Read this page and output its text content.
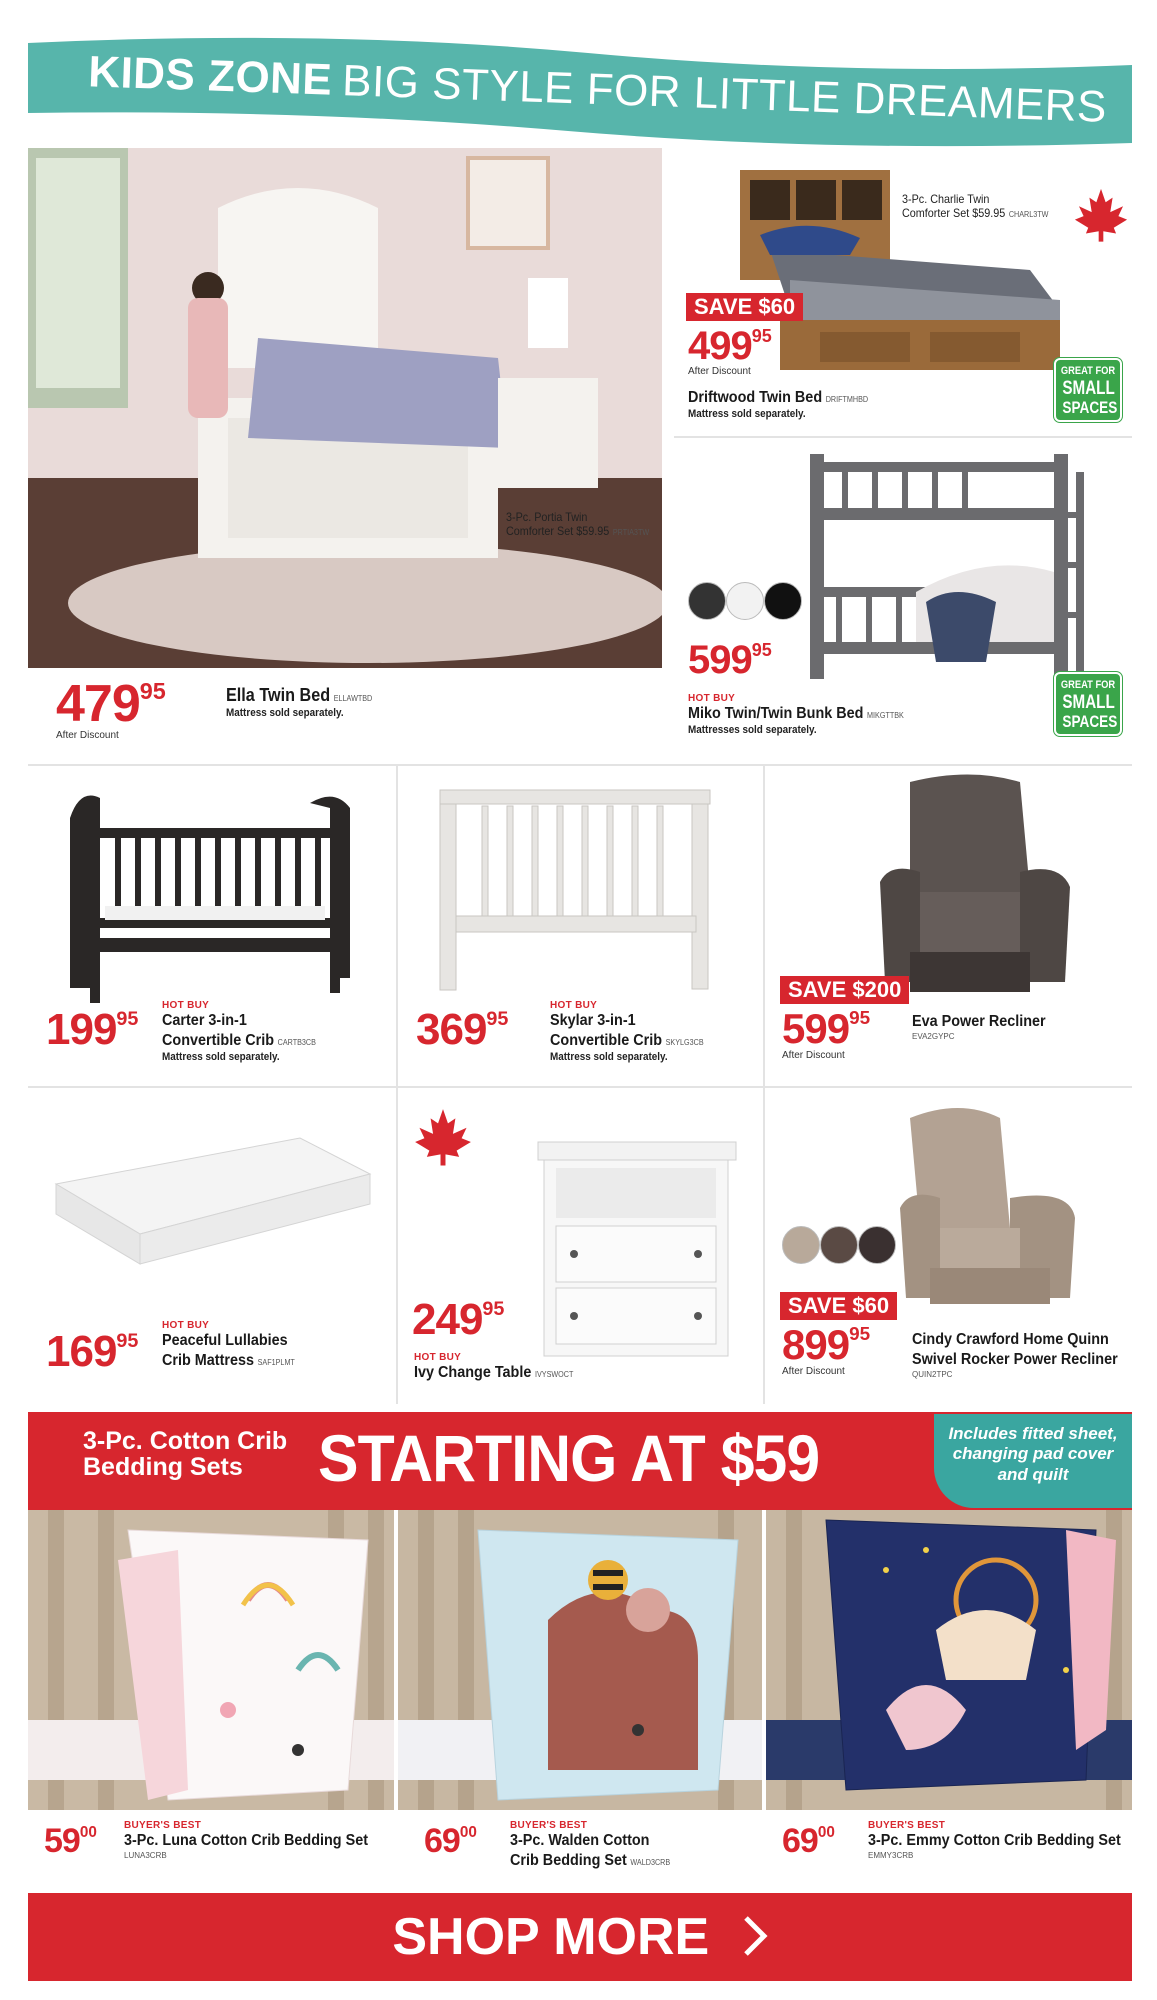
KIDS ZONE BIG STYLE FOR LITTLE DREAMERS
3-Pc. Portia Twin
Comforter Set $59.95 PRTIA3TW
$479^{95}$
After Discount
Ella Twin Bed ELLAWTBD
Mattress sold separately.
3-Pc. Charlie Twin
Comforter Set $59.95 CHARL3TW
SAVE $60
$499^{95}$
After Discount
Driftwood Twin Bed DRIFTMHBD
Mattress sold separately.
GREAT FOR
SMALL
SPACES
$599^{95}$
HOT BUY
Miko Twin/Twin Bunk Bed MIKGTTBK
Mattresses sold separately.
GREAT FOR
SMALL
SPACES
$199^{95}$
HOT BUY
Carter 3-in-1
Convertible Crib CARTB3CB
Mattress sold separately.
$369^{95}$
HOT BUY
Skylar 3-in-1
Convertible Crib SKYLG3CB
Mattress sold separately.
SAVE $200
$599^{95}$
After Discount
Eva Power Recliner
EVA2GYPC
$169^{95}$
HOT BUY
Peaceful Lullabies
Crib Mattress SAF1PLMT
$249^{95}$
HOT BUY
Ivy Change Table IVYSWOCT
SAVE $60
$899^{95}$
After Discount
Cindy Crawford Home Quinn
Swivel Rocker Power Recliner
QUIN2TPC
3-Pc. Cotton Crib
Bedding Sets	STARTING AT $59	Includes fitted sheet,
changing pad cover
and quilt
$59^{00}$	BUYER'S BEST
3-Pc. Luna Cotton Crib Bedding Set
LUNA3CRB	$69^{00}$	BUYER'S BEST
3-Pc. Walden Cotton
Crib Bedding Set WALD3CRB
$69^{00}$	BUYER'S BEST
3-Pc. Emmy Cotton Crib Bedding Set
EMMY3CRB
SHOP MORE
